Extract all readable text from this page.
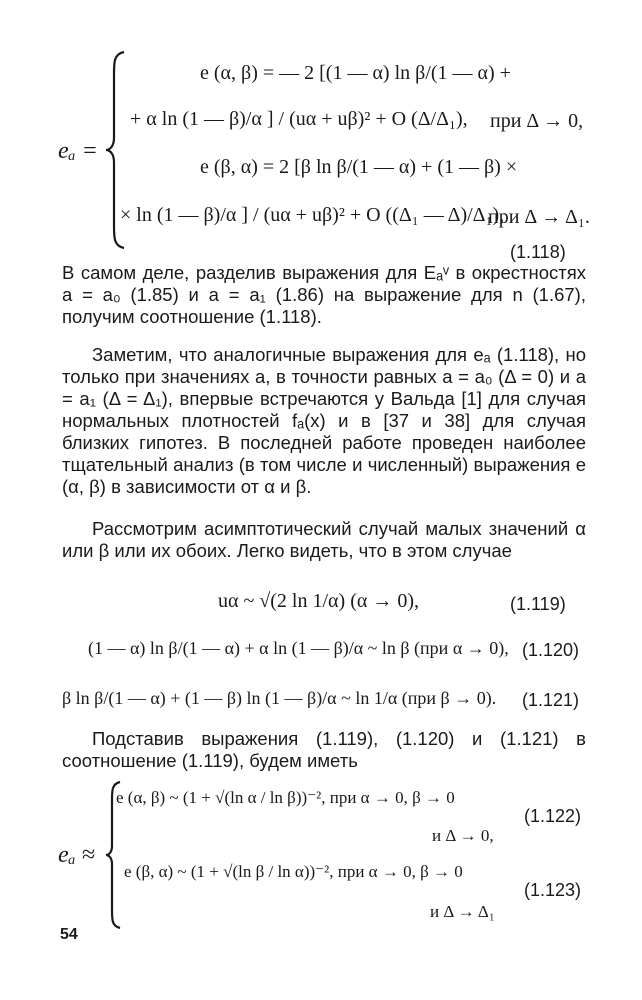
eₐ =
e (α, β) = — 2 [(1 — α) ln β/(1 — α) +
+ α ln (1 — β)/α ] / (uα + uβ)² + O (Δ/Δ₁), при Δ → 0,
e (β, α) = 2 [β ln β/(1 — α) + (1 — β) ×
× ln (1 — β)/α ] / (uα + uβ)² + O ((Δ₁ — Δ)/Δ₁),
при Δ → Δ₁.
(1.118)

В самом деле, разделив выражения для Eₐᵛ в окрестностях a = a₀ (1.85) и a = a₁ (1.86) на выражение для n (1.67), получим соотношение (1.118).

Заметим, что аналогичные выражения для eₐ (1.118), но только при значениях a, в точности равных a = a₀ (Δ = 0) и a = a₁ (Δ = Δ₁), впервые встречаются у Вальда [1] для случая нормальных плотностей fₐ(x) и в [37 и 38] для случая близких гипотез. В последней работе проведен наиболее тщательный анализ (в том числе и численный) выражения e (α, β) в зависимости от α и β.

Рассмотрим асимптотический случай малых значений α или β или их обоих. Легко видеть, что в этом случае

uα ~ √(2 ln 1/α) (α → 0),	(1.119)
(1 — α) ln β/(1 — α) + α ln (1 — β)/α ~ ln β (при α → 0), (1.120)
β ln β/(1 — α) + (1 — β) ln (1 — β)/α ~ ln 1/α (при β → 0). (1.121)

Подставив выражения (1.119), (1.120) и (1.121) в соотношение (1.119), будем иметь

eₐ ≈
e (α, β) ~ (1 + √(ln α / ln β))⁻², при α → 0, β → 0
и Δ → 0,
(1.122)
e (β, α) ~ (1 + √(ln β / ln α))⁻², при α → 0, β → 0
и Δ → Δ₁
(1.123)
54
